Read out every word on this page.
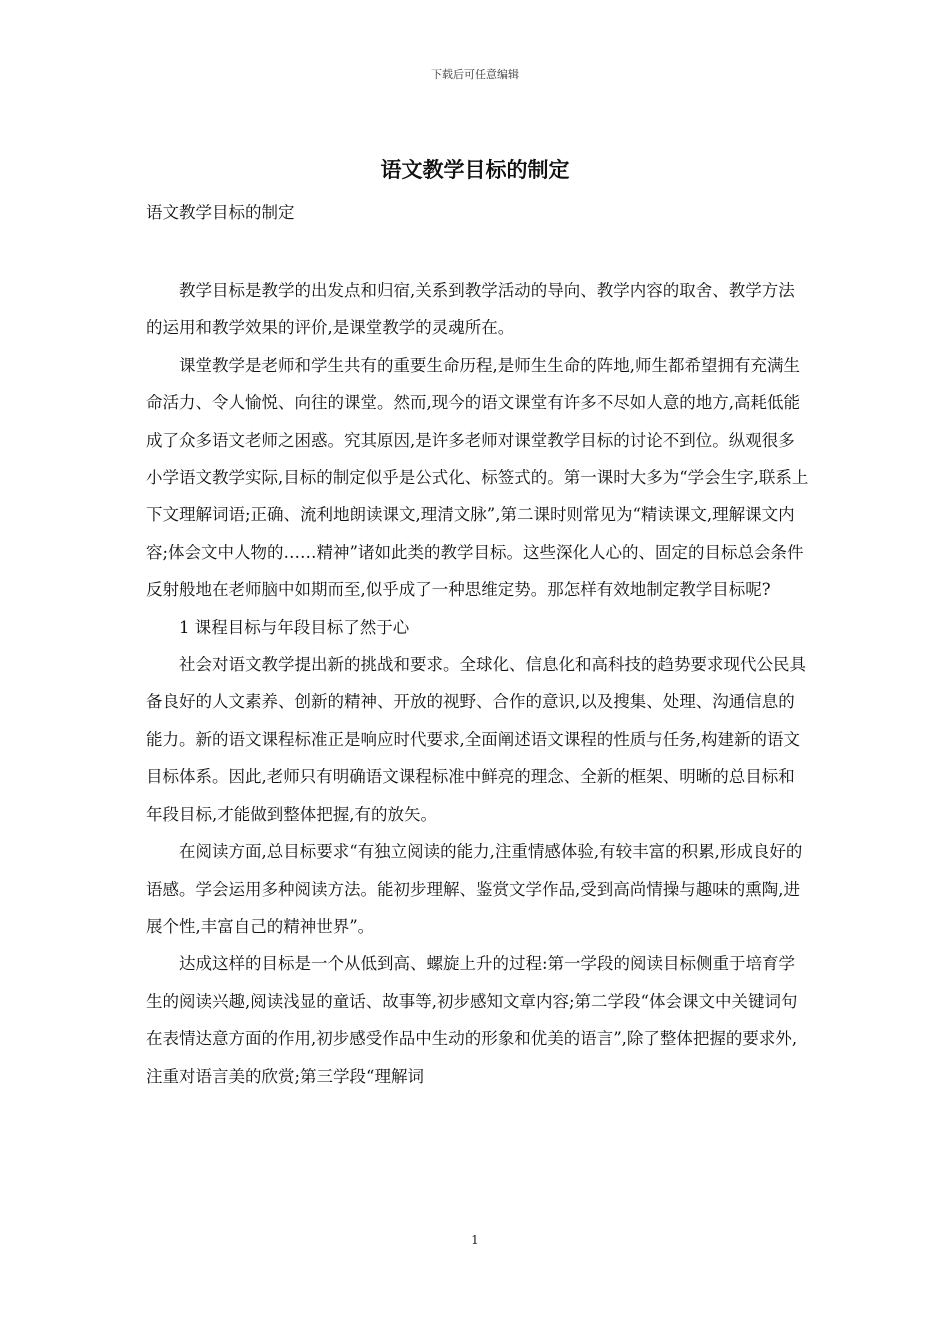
下载后可任意编辑
语文教学目标的制定
语文教学目标的制定

教学目标是教学的出发点和归宿,关系到教学活动的导向、教学内容的取舍、教学方法的运用和教学效果的评价,是课堂教学的灵魂所在。

课堂教学是老师和学生共有的重要生命历程,是师生生命的阵地,师生都希望拥有充满生命活力、令人愉悦、向往的课堂。然而,现今的语文课堂有许多不尽如人意的地方,高耗低能成了众多语文老师之困惑。究其原因,是许多老师对课堂教学目标的讨论不到位。纵观很多小学语文教学实际,目标的制定似乎是公式化、标签式的。第一课时大多为“学会生字,联系上下文理解词语;正确、流利地朗读课文,理清文脉”,第二课时则常见为“精读课文,理解课文内容;体会文中人物的……精神”诸如此类的教学目标。这些深化人心的、固定的目标总会条件反射般地在老师脑中如期而至,似乎成了一种思维定势。那怎样有效地制定教学目标呢?

1 课程目标与年段目标了然于心

社会对语文教学提出新的挑战和要求。全球化、信息化和高科技的趋势要求现代公民具备良好的人文素养、创新的精神、开放的视野、合作的意识,以及搜集、处理、沟通信息的能力。新的语文课程标准正是响应时代要求,全面阐述语文课程的性质与任务,构建新的语文目标体系。因此,老师只有明确语文课程标准中鲜亮的理念、全新的框架、明晰的总目标和年段目标,才能做到整体把握,有的放矢。

在阅读方面,总目标要求“有独立阅读的能力,注重情感体验,有较丰富的积累,形成良好的语感。学会运用多种阅读方法。能初步理解、鉴赏文学作品,受到高尚情操与趣味的熏陶,进展个性,丰富自己的精神世界”。

达成这样的目标是一个从低到高、螺旋上升的过程:第一学段的阅读目标侧重于培育学生的阅读兴趣,阅读浅显的童话、故事等,初步感知文章内容;第二学段“体会课文中关键词句在表情达意方面的作用,初步感受作品中生动的形象和优美的语言”,除了整体把握的要求外,注重对语言美的欣赏;第三学段“理解词

1
